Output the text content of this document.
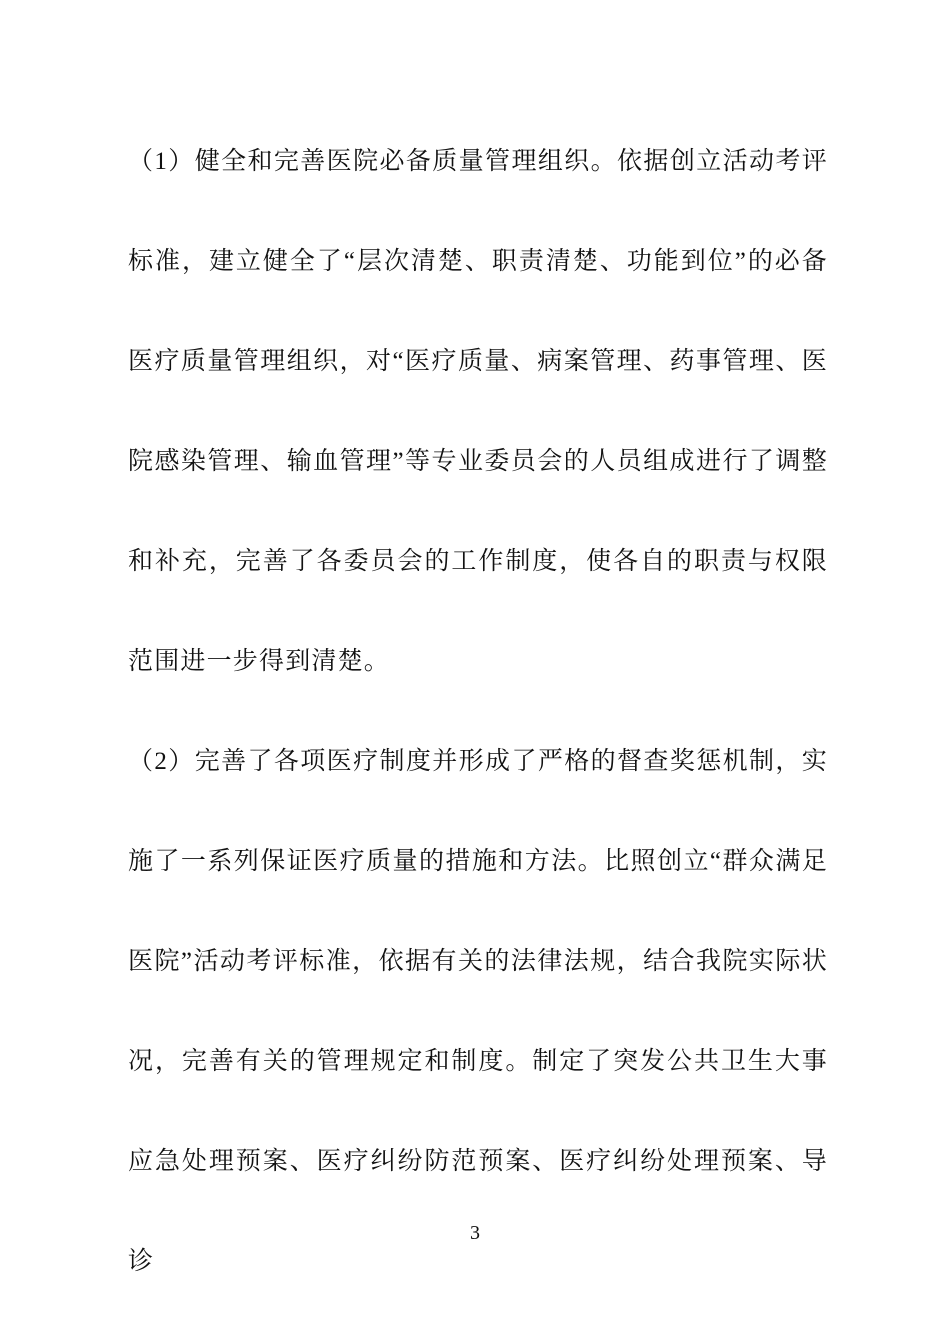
（1）健全和完善医院必备质量管理组织。依据创立活动考评标准，建立健全了“层次清楚、职责清楚、功能到位”的必备医疗质量管理组织，对“医疗质量、病案管理、药事管理、医院感染管理、输血管理”等专业委员会的人员组成进行了调整和补充，完善了各委员会的工作制度，使各自的职责与权限范围进一步得到清楚。

（2）完善了各项医疗制度并形成了严格的督查奖惩机制，实施了一系列保证医疗质量的措施和方法。比照创立“群众满足医院”活动考评标准，依据有关的法律法规，结合我院实际状况，完善有关的管理规定和制度。制定了突发公共卫生大事应急处理预案、医疗纠纷防范预案、医疗纠纷处理预案、导诊

3
